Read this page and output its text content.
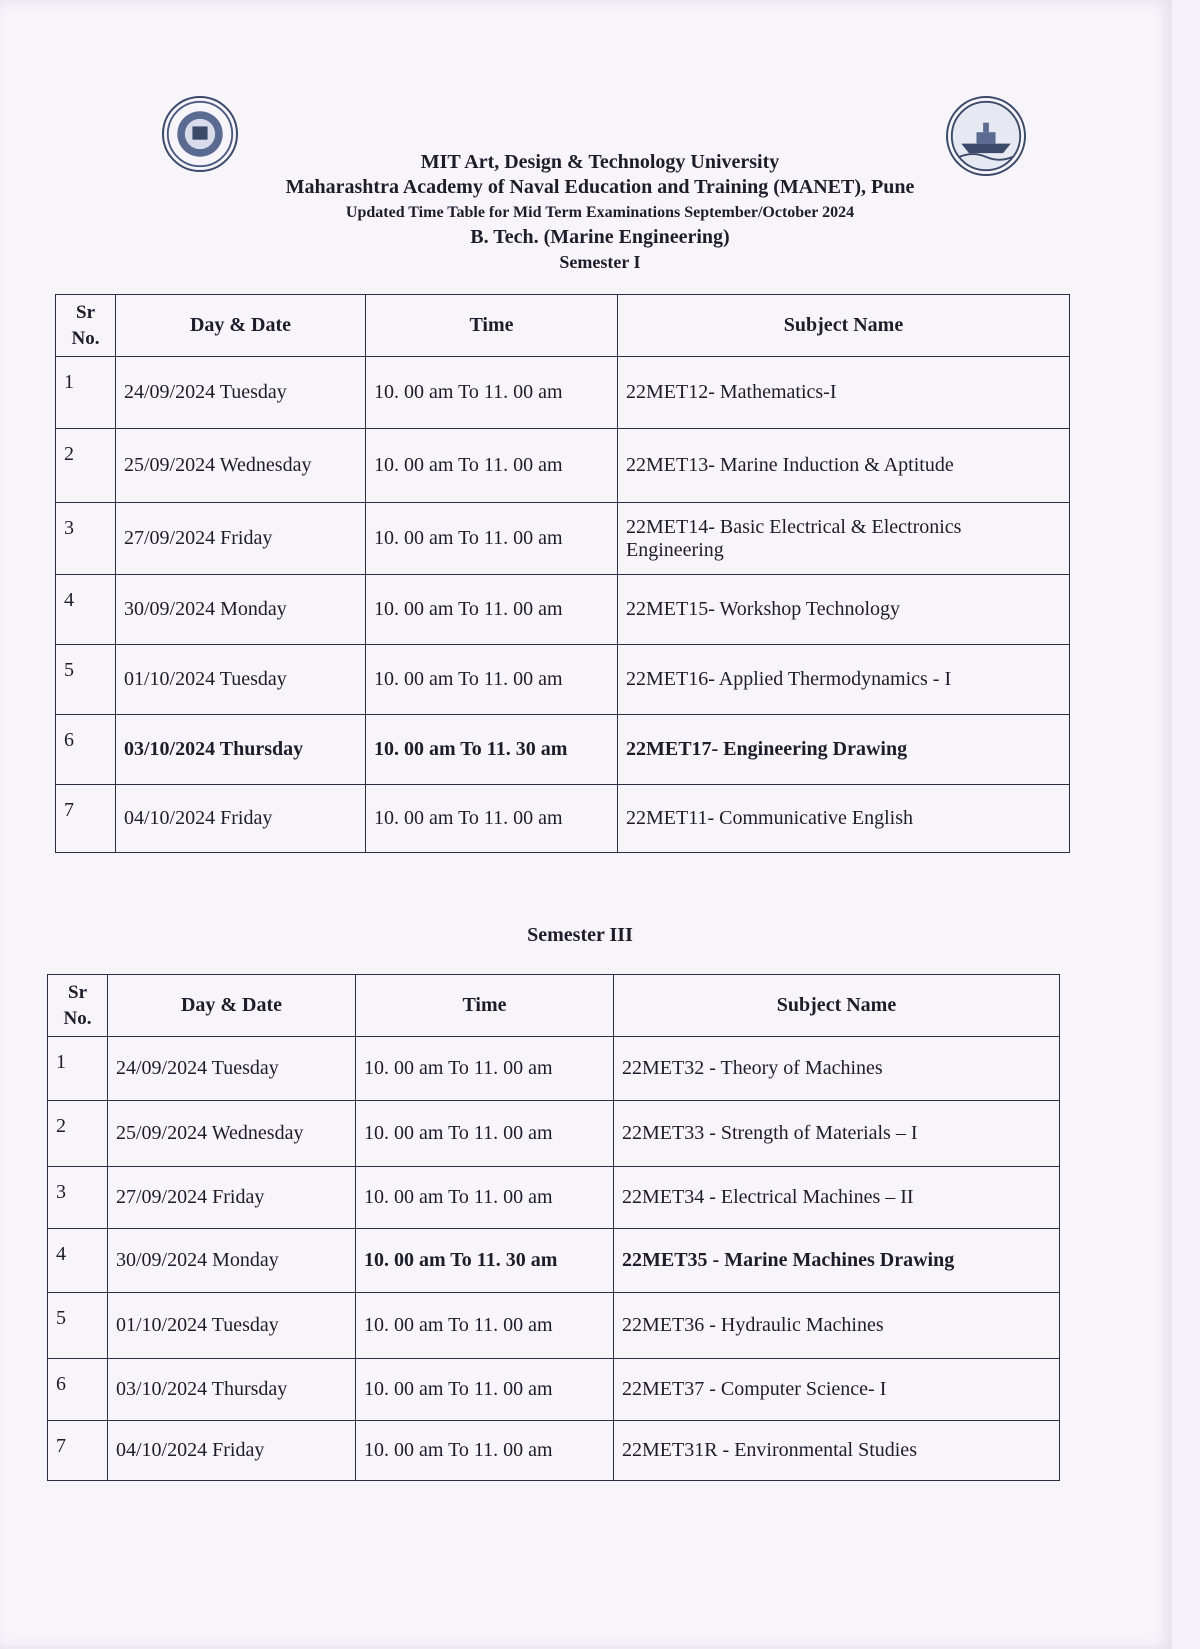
MIT Art, Design & Technology University
Maharashtra Academy of Naval Education and Training (MANET), Pune
Updated Time Table for Mid Term Examinations September/October 2024
B. Tech. (Marine Engineering)
Semester I
Sr No.	Day & Date	Time	Subject Name
1	24/09/2024 Tuesday	10. 00 am To 11. 00 am	22MET12- Mathematics-I
2	25/09/2024 Wednesday	10. 00 am To 11. 00 am	22MET13- Marine Induction & Aptitude
3	27/09/2024 Friday	10. 00 am To 11. 00 am	22MET14- Basic Electrical & Electronics Engineering
4	30/09/2024 Monday	10. 00 am To 11. 00 am	22MET15- Workshop Technology
5	01/10/2024 Tuesday	10. 00 am To 11. 00 am	22MET16- Applied Thermodynamics - I
6	03/10/2024 Thursday	10. 00 am To 11. 30 am	22MET17- Engineering Drawing
7	04/10/2024 Friday	10. 00 am To 11. 00 am	22MET11- Communicative English
Semester III
Sr No.	Day & Date	Time	Subject Name
1	24/09/2024 Tuesday	10. 00 am To 11. 00 am	22MET32 - Theory of Machines
2	25/09/2024 Wednesday	10. 00 am To 11. 00 am	22MET33 - Strength of Materials – I
3	27/09/2024 Friday	10. 00 am To 11. 00 am	22MET34 - Electrical Machines – II
4	30/09/2024 Monday	10. 00 am To 11. 30 am	22MET35 - Marine Machines Drawing
5	01/10/2024 Tuesday	10. 00 am To 11. 00 am	22MET36 - Hydraulic Machines
6	03/10/2024 Thursday	10. 00 am To 11. 00 am	22MET37 - Computer Science- I
7	04/10/2024 Friday	10. 00 am To 11. 00 am	22MET31R - Environmental Studies
